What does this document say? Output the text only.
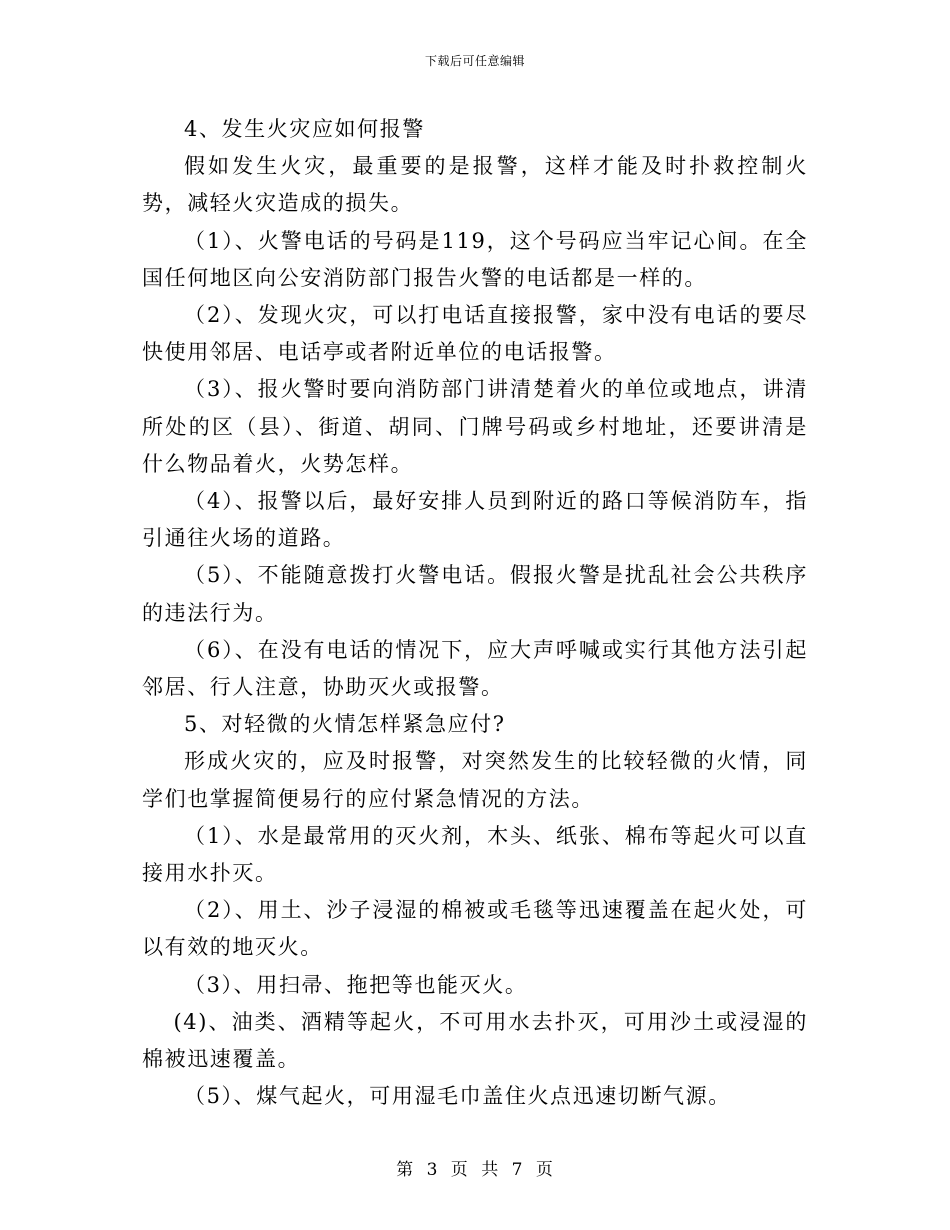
下载后可任意编辑

4、发生火灾应如何报警

假如发生火灾，最重要的是报警，这样才能及时扑救控制火势，减轻火灾造成的损失。

（1）、火警电话的号码是119，这个号码应当牢记心间。在全国任何地区向公安消防部门报告火警的电话都是一样的。

（2）、发现火灾，可以打电话直接报警，家中没有电话的要尽快使用邻居、电话亭或者附近单位的电话报警。

（3）、报火警时要向消防部门讲清楚着火的单位或地点，讲清所处的区（县）、街道、胡同、门牌号码或乡村地址，还要讲清是什么物品着火，火势怎样。

（4）、报警以后，最好安排人员到附近的路口等候消防车，指引通往火场的道路。

（5）、不能随意拨打火警电话。假报火警是扰乱社会公共秩序的违法行为。

（6）、在没有电话的情况下，应大声呼喊或实行其他方法引起邻居、行人注意，协助灭火或报警。

5、对轻微的火情怎样紧急应付?

形成火灾的，应及时报警，对突然发生的比较轻微的火情，同学们也掌握简便易行的应付紧急情况的方法。

（1）、水是最常用的灭火剂，木头、纸张、棉布等起火可以直接用水扑灭。

（2）、用土、沙子浸湿的棉被或毛毯等迅速覆盖在起火处，可以有效的地灭火。

（3）、用扫帚、拖把等也能灭火。

(4)、油类、酒精等起火，不可用水去扑灭，可用沙土或浸湿的棉被迅速覆盖。

（5）、煤气起火，可用湿毛巾盖住火点迅速切断气源。

第 3 页 共 7 页
